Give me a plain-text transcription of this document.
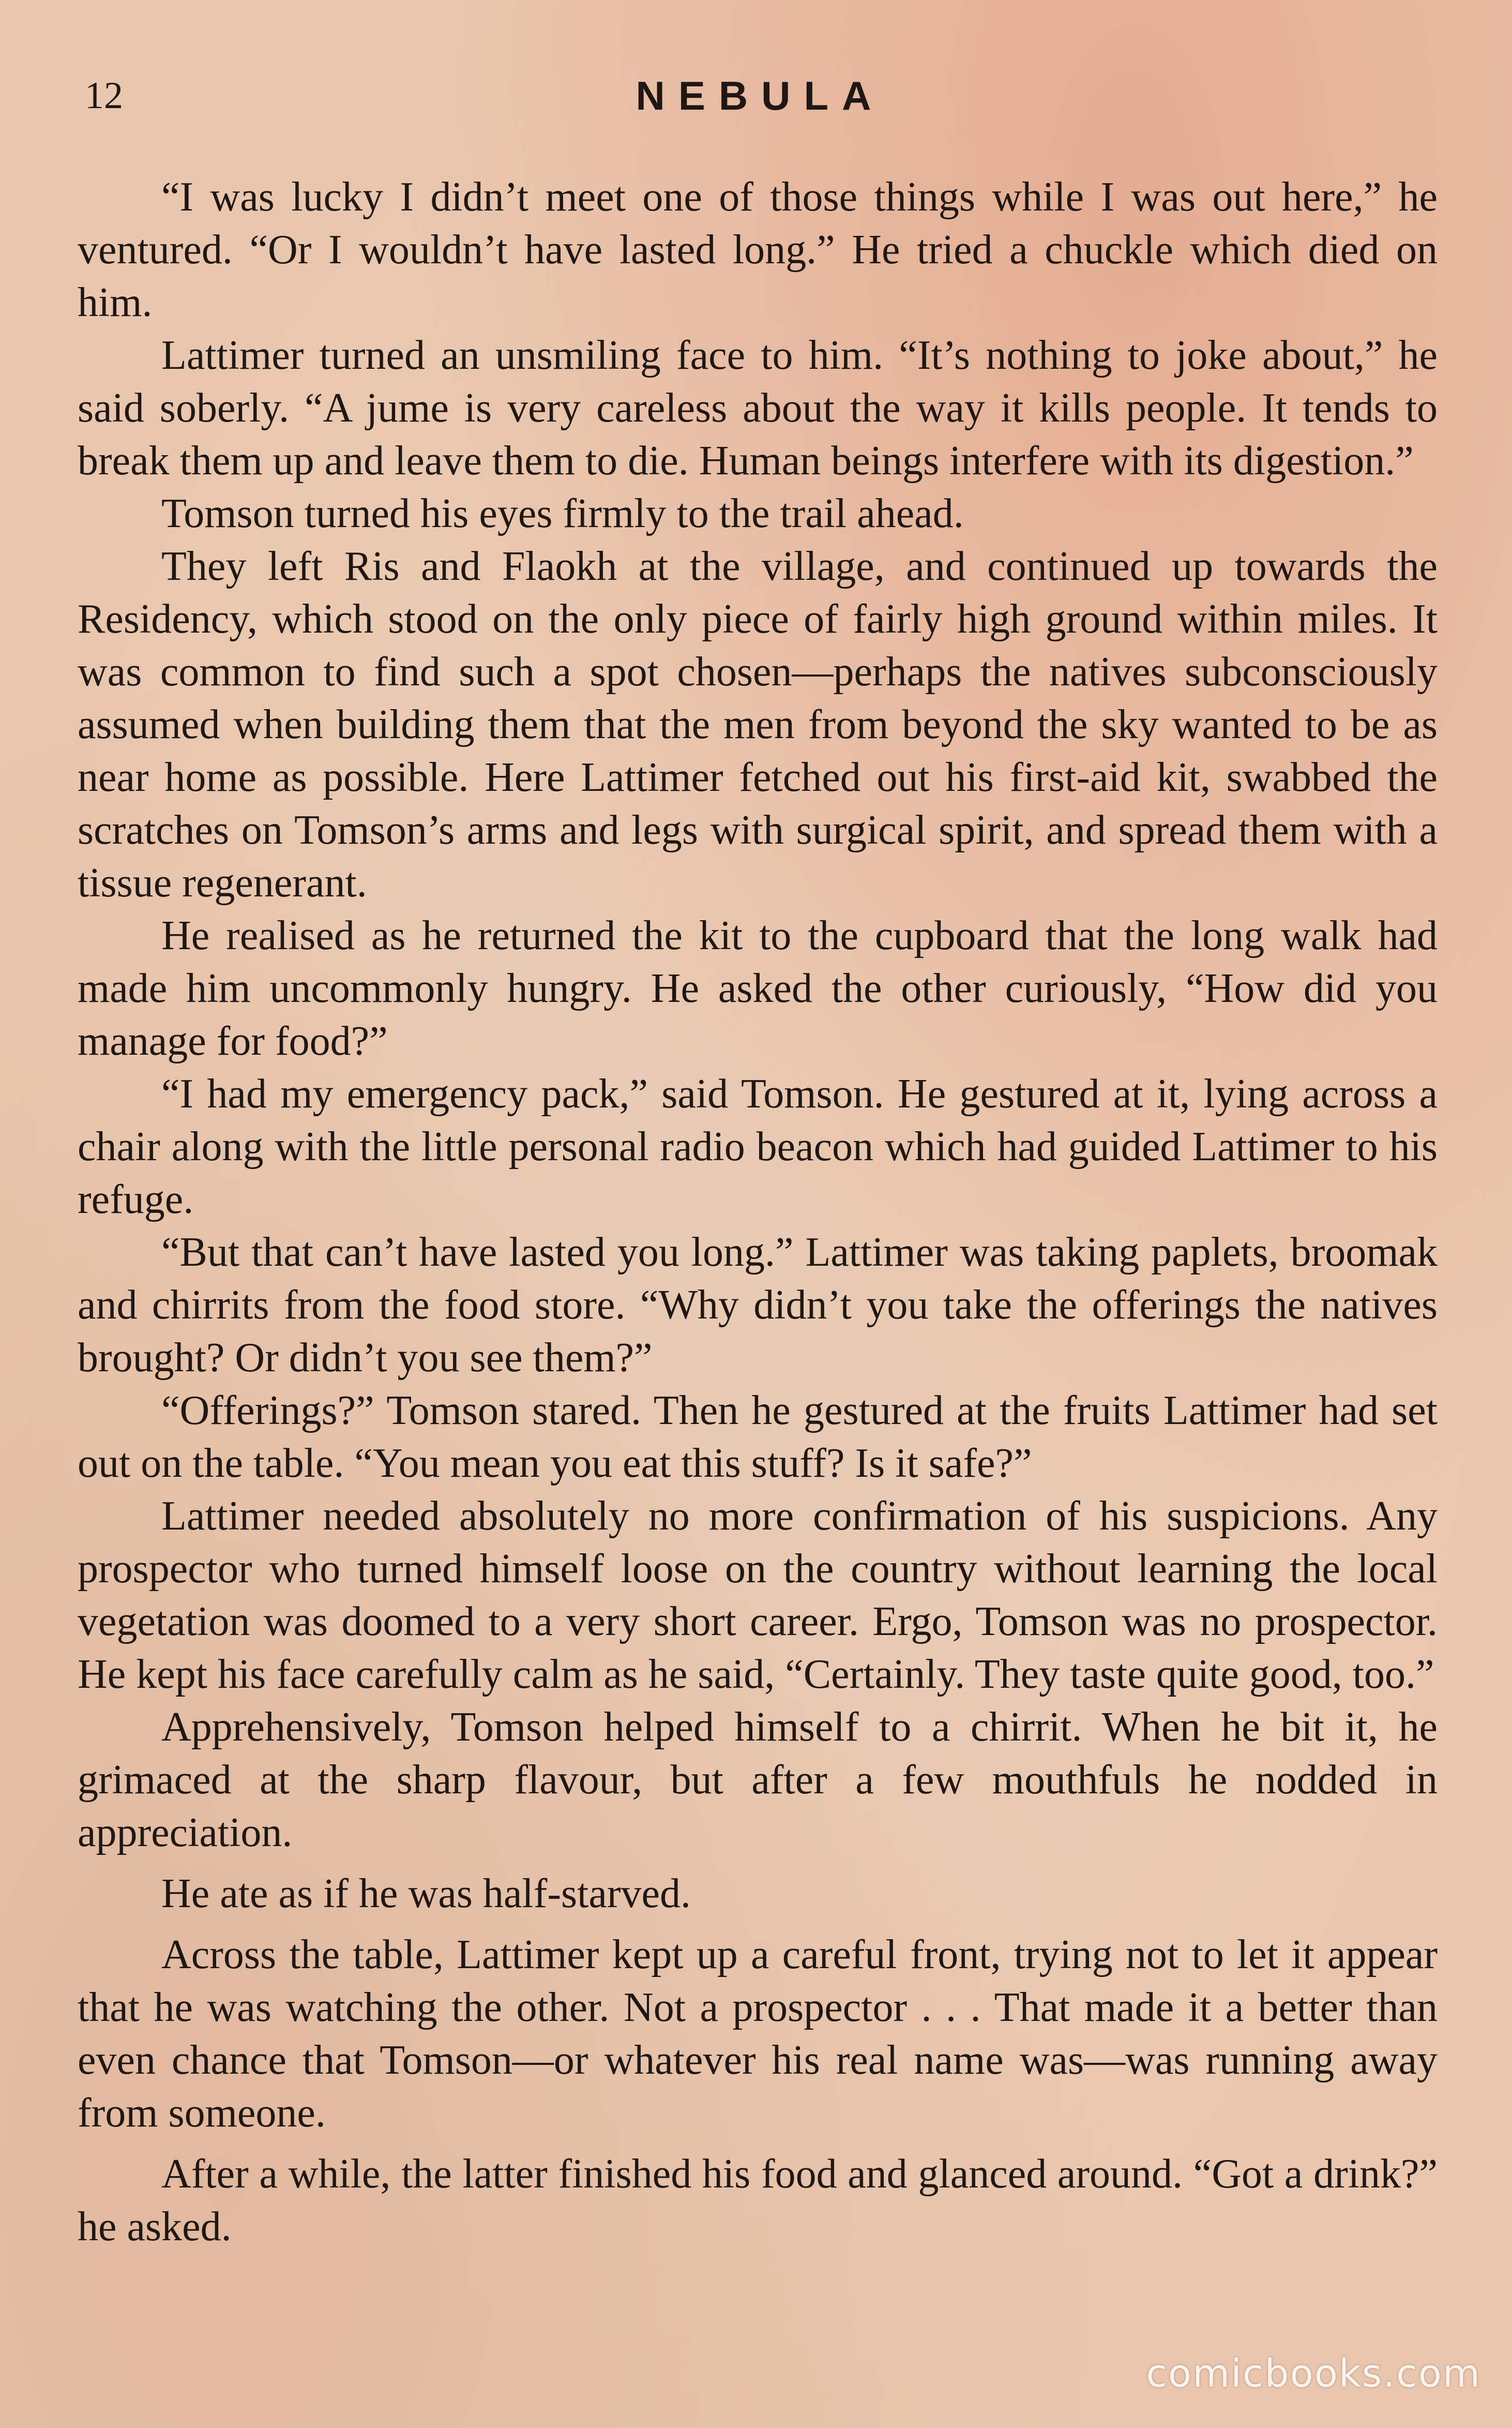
12	NEBULA

“I was lucky I didn’t meet one of those things while I was out here,” he ventured. “Or I wouldn’t have lasted long.” He tried a chuckle which died on him.

Lattimer turned an unsmiling face to him. “It’s nothing to joke about,” he said soberly. “A jume is very careless about the way it kills people. It tends to break them up and leave them to die. Human beings interfere with its digestion.”

Tomson turned his eyes firmly to the trail ahead.

They left Ris and Flaokh at the village, and continued up towards the Residency, which stood on the only piece of fairly high ground within miles. It was common to find such a spot chosen—perhaps the natives subconsciously assumed when building them that the men from beyond the sky wanted to be as near home as possible. Here Lattimer fetched out his first-aid kit, swabbed the scratches on Tomson’s arms and legs with surgical spirit, and spread them with a tissue regenerant.

He realised as he returned the kit to the cupboard that the long walk had made him uncommonly hungry. He asked the other curiously, “How did you manage for food?”

“I had my emergency pack,” said Tomson. He gestured at it, lying across a chair along with the little personal radio beacon which had guided Lattimer to his refuge.

“But that can’t have lasted you long.” Lattimer was taking paplets, broomak and chirrits from the food store. “Why didn’t you take the offerings the natives brought? Or didn’t you see them?”

“Offerings?” Tomson stared. Then he gestured at the fruits Lattimer had set out on the table. “You mean you eat this stuff? Is it safe?”

Lattimer needed absolutely no more confirmation of his suspicions. Any prospector who turned himself loose on the country without learning the local vegetation was doomed to a very short career. Ergo, Tomson was no prospector. He kept his face carefully calm as he said, “Certainly. They taste quite good, too.”

Apprehensively, Tomson helped himself to a chirrit. When he bit it, he grimaced at the sharp flavour, but after a few mouthfuls he nodded in appreciation.

He ate as if he was half-starved.

Across the table, Lattimer kept up a careful front, trying not to let it appear that he was watching the other. Not a prospector . . . That made it a better than even chance that Tomson—or whatever his real name was—was running away from someone.

After a while, the latter finished his food and glanced around. “Got a drink?” he asked.

comicbooks.com
